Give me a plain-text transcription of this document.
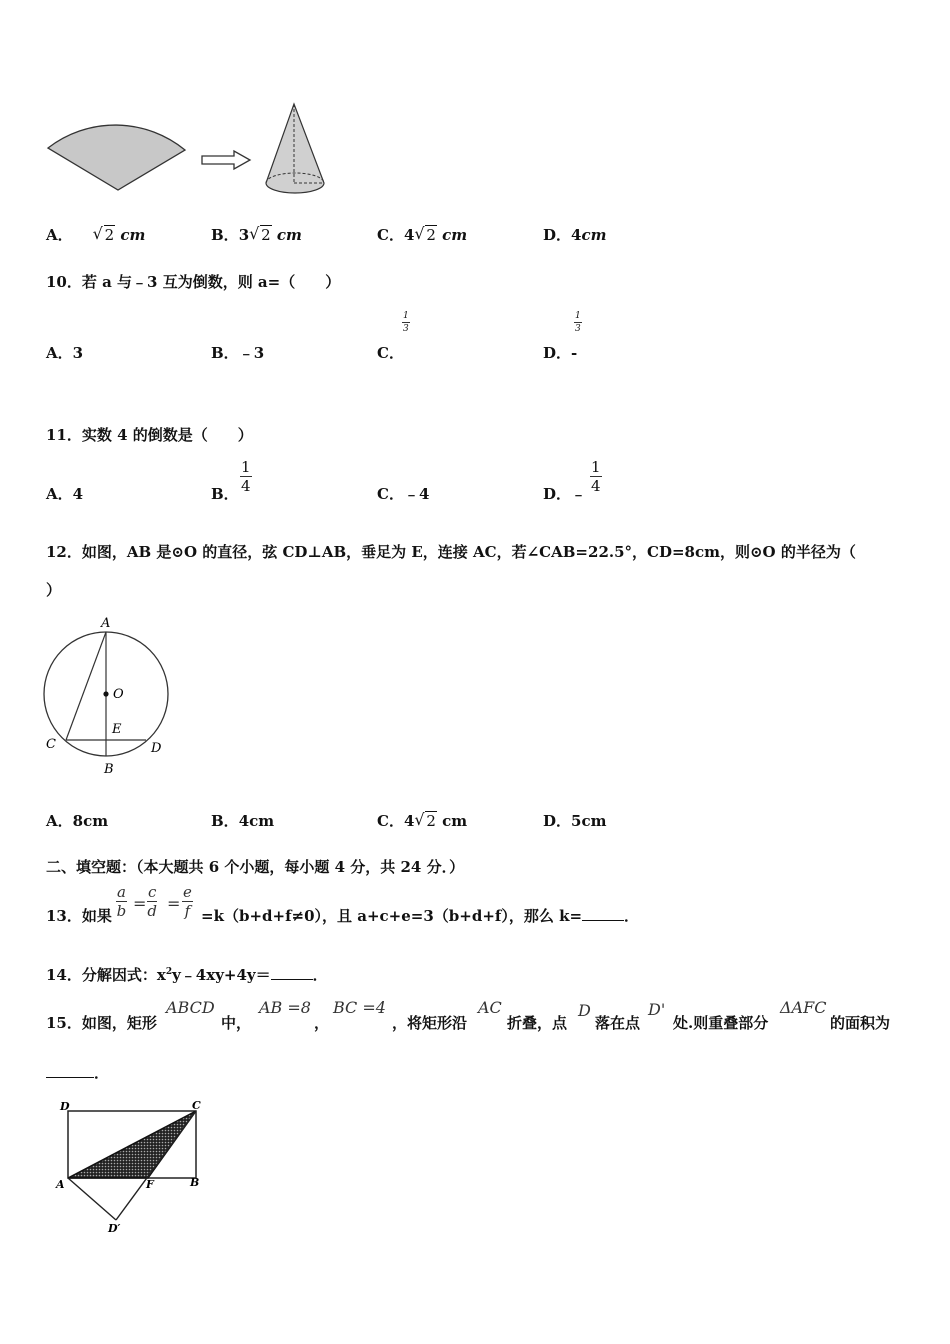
A． √ 2 cm	B．3 √ 2 cm	C．4 √ 2 cm	D．4cm
10．若 a 与﹣3 互为倒数，则 a=（　　）
A．3	B．﹣3	C．
$\frac{1}{3}$
D．-
$\frac{1}{3}$
11．实数 4 的倒数是（　　）
A．4	B． $\frac{1}{4}$	C．﹣4	D．﹣ $\frac{1}{4}$
12．如图，AB 是⊙O 的直径，弦 CD⊥AB，垂足为 E，连接 AC，若∠CAB=22.5°，CD=8cm，则⊙O 的半径为（
）
A
O
E
C	D
B
A．8cm	B．4cm	C．4 √ 2 cm	D．5cm
二、填空题：（本大题共 6 个小题，每小题 4 分，共 24 分．）
13．如果 $\frac{a}{b} = \frac{c}{d} = \frac{e}{f} =k(b+d+f\ne 0)$，且 a+c+e=3（b+d+f），那么 k=	．
14．分解因式：$x^2y﹣4xy+4y=$	．
15．如图，矩形
ABCD
中，
AB =8
，
BC =4
，将矩形沿
AC
折叠，点
D
落在点
D'
处.则重叠部分
ΔAFC
的面积为
．
D	C
A	F	B
D′
